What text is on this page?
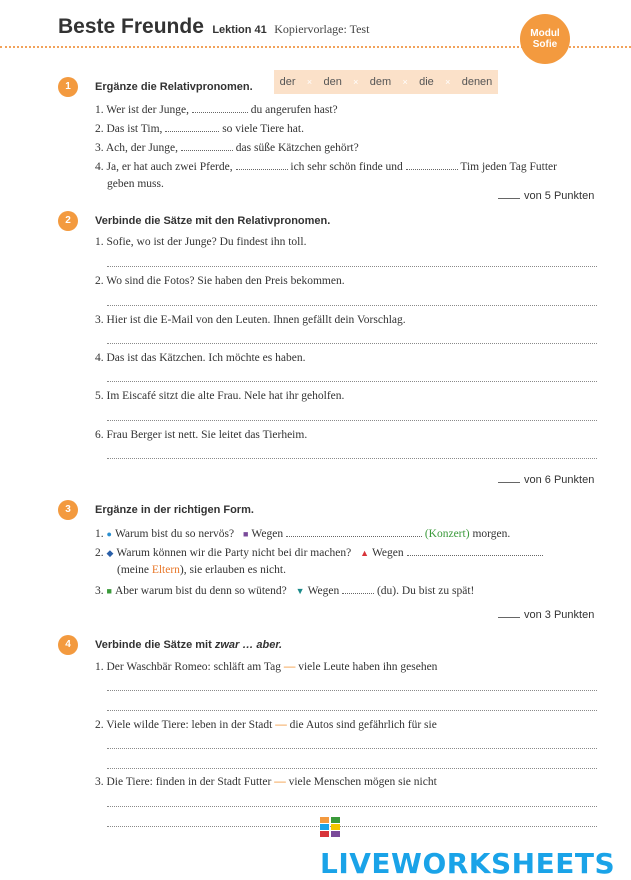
Beste Freunde Lektion 41 Kopiervorlage: Test	Modul
Sofie
1	Ergänze die Relativpronomen. der × den × dem × die × denen
1. Wer ist der Junge,	du angerufen hast?
2. Das ist Tim,	so viele Tiere hat.
3. Ach, der Junge,	das süße Kätzchen gehört?
4. Ja, er hat auch zwei Pferde,	ich sehr schön finde und	Tim jeden Tag Futter
geben muss.
von 5 Punkten
2	Verbinde die Sätze mit den Relativpronomen.
1. Sofie, wo ist der Junge? Du findest ihn toll.
2. Wo sind die Fotos? Sie haben den Preis bekommen.
3. Hier ist die E-Mail von den Leuten. Ihnen gefällt dein Vorschlag.
4. Das ist das Kätzchen. Ich möchte es haben.
5. Im Eiscafé sitzt die alte Frau. Nele hat ihr geholfen.
6. Frau Berger ist nett. Sie leitet das Tierheim.
von 6 Punkten
3	Ergänze in der richtigen Form.
1. ● Warum bist du so nervös? ■ Wegen	(Konzert) morgen.
2. ◆ Warum können wir die Party nicht bei dir machen? ▲ Wegen
(meine Eltern), sie erlauben es nicht.
3. ■ Aber warum bist du denn so wütend? ▼ Wegen	(du). Du bist zu spät!
von 3 Punkten
4	Verbinde die Sätze mit zwar … aber.
1. Der Waschbär Romeo: schläft am Tag — viele Leute haben ihn gesehen
2. Viele wilde Tiere: leben in der Stadt — die Autos sind gefährlich für sie
3. Die Tiere: finden in der Stadt Futter — viele Menschen mögen sie nicht
LIVEWORKSHEETS
